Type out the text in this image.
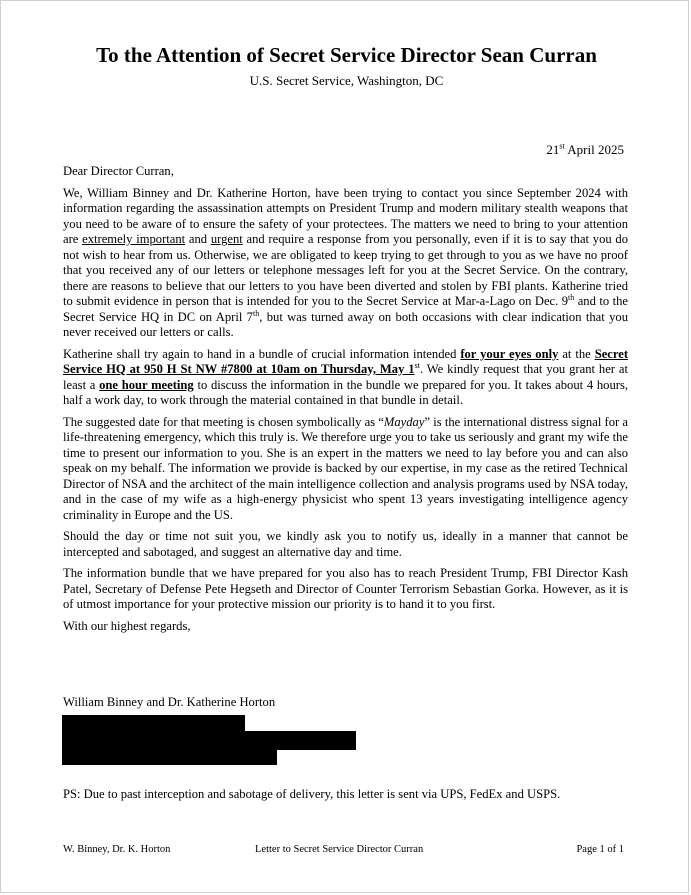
To the Attention of Secret Service Director Sean Curran
U.S. Secret Service, Washington, DC
21st April 2025

Dear Director Curran,

We, William Binney and Dr. Katherine Horton, have been trying to contact you since September 2024 with information regarding the assassination attempts on President Trump and modern military stealth weapons that you need to be aware of to ensure the safety of your protectees. The matters we need to bring to your attention are extremely important and urgent and require a response from you personally, even if it is to say that you do not wish to hear from us. Otherwise, we are obligated to keep trying to get through to you as we have no proof that you received any of our letters or telephone messages left for you at the Secret Service. On the contrary, there are reasons to believe that our letters to you have been diverted and stolen by FBI plants. Katherine tried to submit evidence in person that is intended for you to the Secret Service at Mar-a-Lago on Dec. 9th and to the Secret Service HQ in DC on April 7th, but was turned away on both occasions with clear indication that you never received our letters or calls.

Katherine shall try again to hand in a bundle of crucial information intended for your eyes only at the Secret Service HQ at 950 H St NW #7800 at 10am on Thursday, May 1st. We kindly request that you grant her at least a one hour meeting to discuss the information in the bundle we prepared for you. It takes about 4 hours, half a work day, to work through the material contained in that bundle in detail.

The suggested date for that meeting is chosen symbolically as “Mayday” is the international distress signal for a life-threatening emergency, which this truly is. We therefore urge you to take us seriously and grant my wife the time to present our information to you. She is an expert in the matters we need to lay before you and can also speak on my behalf. The information we provide is backed by our expertise, in my case as the retired Technical Director of NSA and the architect of the main intelligence collection and analysis programs used by NSA today, and in the case of my wife as a high-energy physicist who spent 13 years investigating intelligence agency criminality in Europe and the US.

Should the day or time not suit you, we kindly ask you to notify us, ideally in a manner that cannot be intercepted and sabotaged, and suggest an alternative day and time.

The information bundle that we have prepared for you also has to reach President Trump, FBI Director Kash Patel, Secretary of Defense Pete Hegseth and Director of Counter Terrorism Sebastian Gorka. However, as it is of utmost importance for your protective mission our priority is to hand it to you first.

With our highest regards,

William Binney and Dr. Katherine Horton
PS: Due to past interception and sabotage of delivery, this letter is sent via UPS, FedEx and USPS.
W. Binney, Dr. K. Horton	Letter to Secret Service Director Curran	Page 1 of 1
